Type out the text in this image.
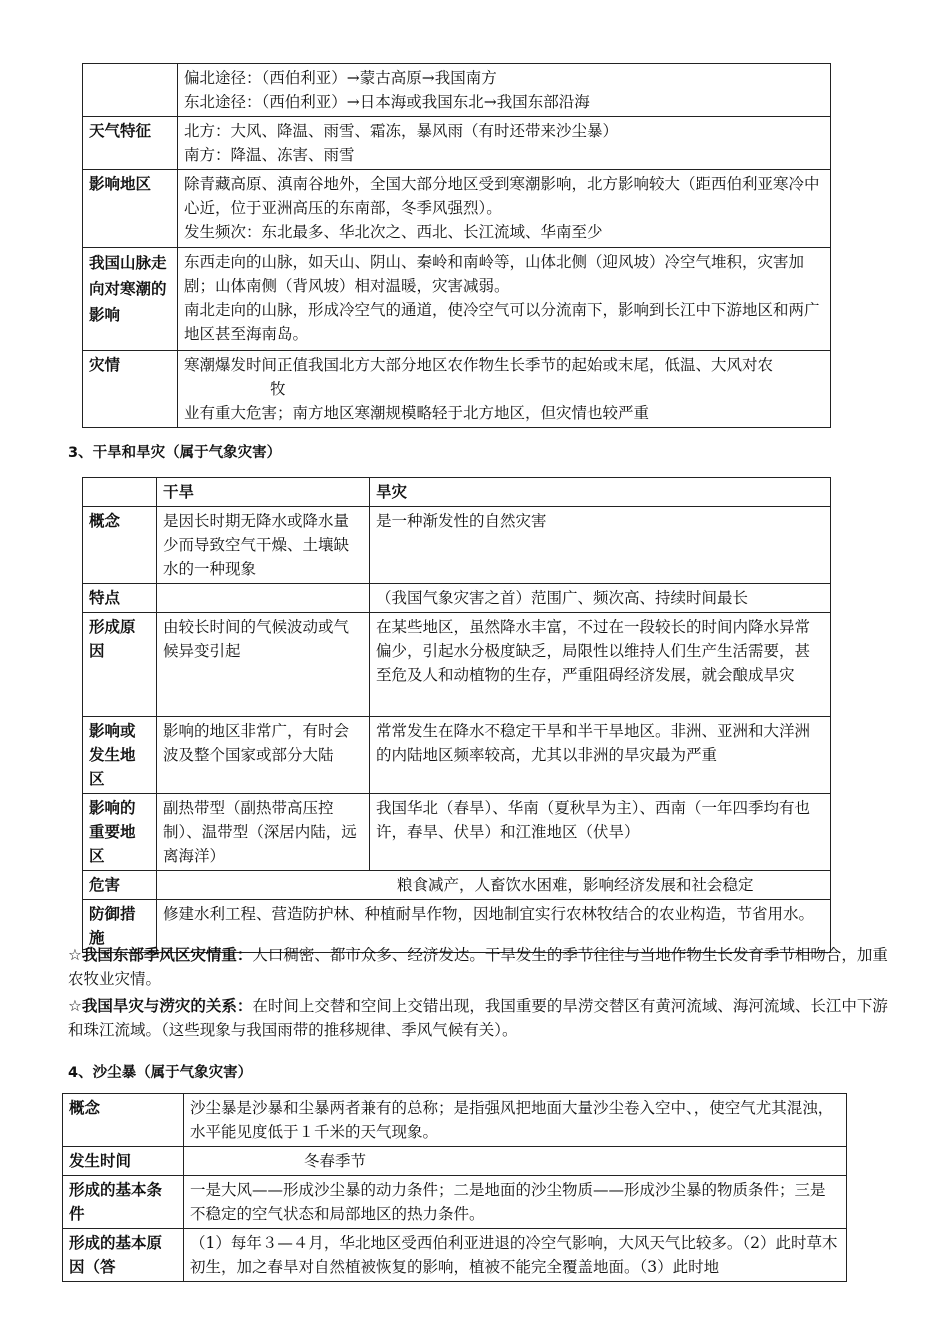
	偏北途径：（西伯利亚）→蒙古高原→我国南方
东北途径：（西伯利亚）→日本海或我国东北→我国东部沿海

天气特征	北方：大风、降温、雨雪、霜冻，暴风雨（有时还带来沙尘暴）
南方：降温、冻害、雨雪

影响地区	除青藏高原、滇南谷地外，全国大部分地区受到寒潮影响，北方影响较大（距西伯利亚寒冷中心近，位于亚洲高压的东南部，冬季风强烈）。
发生频次：东北最多、华北次之、西北、长江流域、华南至少

我国山脉走向对寒潮的影响	东西走向的山脉，如天山、阴山、秦岭和南岭等，山体北侧（迎风坡）冷空气堆积，灾害加剧；山体南侧（背风坡）相对温暖，灾害减弱。
南北走向的山脉，形成冷空气的通道，使冷空气可以分流南下，影响到长江中下游地区和两广地区甚至海南岛。

灾情	寒潮爆发时间正值我国北方大部分地区农作物生长季节的起始或末尾，低温、大风对农
牧
业有重大危害；南方地区寒潮规模略轻于北方地区，但灾情也较严重
3、干旱和旱灾（属于气象灾害）
	干旱	旱灾
概念	是因长时期无降水或降水量少而导致空气干燥、土壤缺水的一种现象	是一种渐发性的自然灾害
特点		（我国气象灾害之首）范围广、频次高、持续时间最长
形成原因	由较长时间的气候波动或气候异变引起	在某些地区，虽然降水丰富，不过在一段较长的时间内降水异常偏少，引起水分极度缺乏，局限性以维持人们生产生活需要，甚至危及人和动植物的生存，严重阻碍经济发展，就会酿成旱灾
影响或发生地区	影响的地区非常广，有时会波及整个国家或部分大陆	常常发生在降水不稳定干旱和半干旱地区。非洲、亚洲和大洋洲的内陆地区频率较高，尤其以非洲的旱灾最为严重
影响的重要地区	副热带型（副热带高压控制）、温带型（深居内陆，远离海洋）	我国华北（春旱）、华南（夏秋旱为主）、西南（一年四季均有也许，春旱、伏旱）和江淮地区（伏旱）
危害	粮食减产，人畜饮水困难，影响经济发展和社会稳定	
防御措施	修建水利工程、营造防护林、种植耐旱作物，因地制宜实行农林牧结合的农业构造，节省用水。	

☆我国东部季风区灾情重：人口稠密、都市众多、经济发达。干旱发生的季节往往与当地作物生长发育季节相吻合，加重农牧业灾情。

☆我国旱灾与涝灾的关系：在时间上交替和空间上交错出现，我国重要的旱涝交替区有黄河流域、海河流域、长江中下游和珠江流域。（这些现象与我国雨带的推移规律、季风气候有关）。

4、沙尘暴（属于气象灾害）
概念	沙尘暴是沙暴和尘暴两者兼有的总称；是指强风把地面大量沙尘卷入空中、，使空气尤其混浊，水平能见度低于１千米的天气现象。
发生时间	冬春季节
形成的基本条件	一是大风——形成沙尘暴的动力条件；二是地面的沙尘物质——形成沙尘暴的物质条件；三是不稳定的空气状态和局部地区的热力条件。
形成的基本原因（答	（1）每年３—４月，华北地区受西伯利亚进退的冷空气影响，大风天气比较多。（2）此时草木初生，加之春旱对自然植被恢复的影响，植被不能完全覆盖地面。（3）此时地
